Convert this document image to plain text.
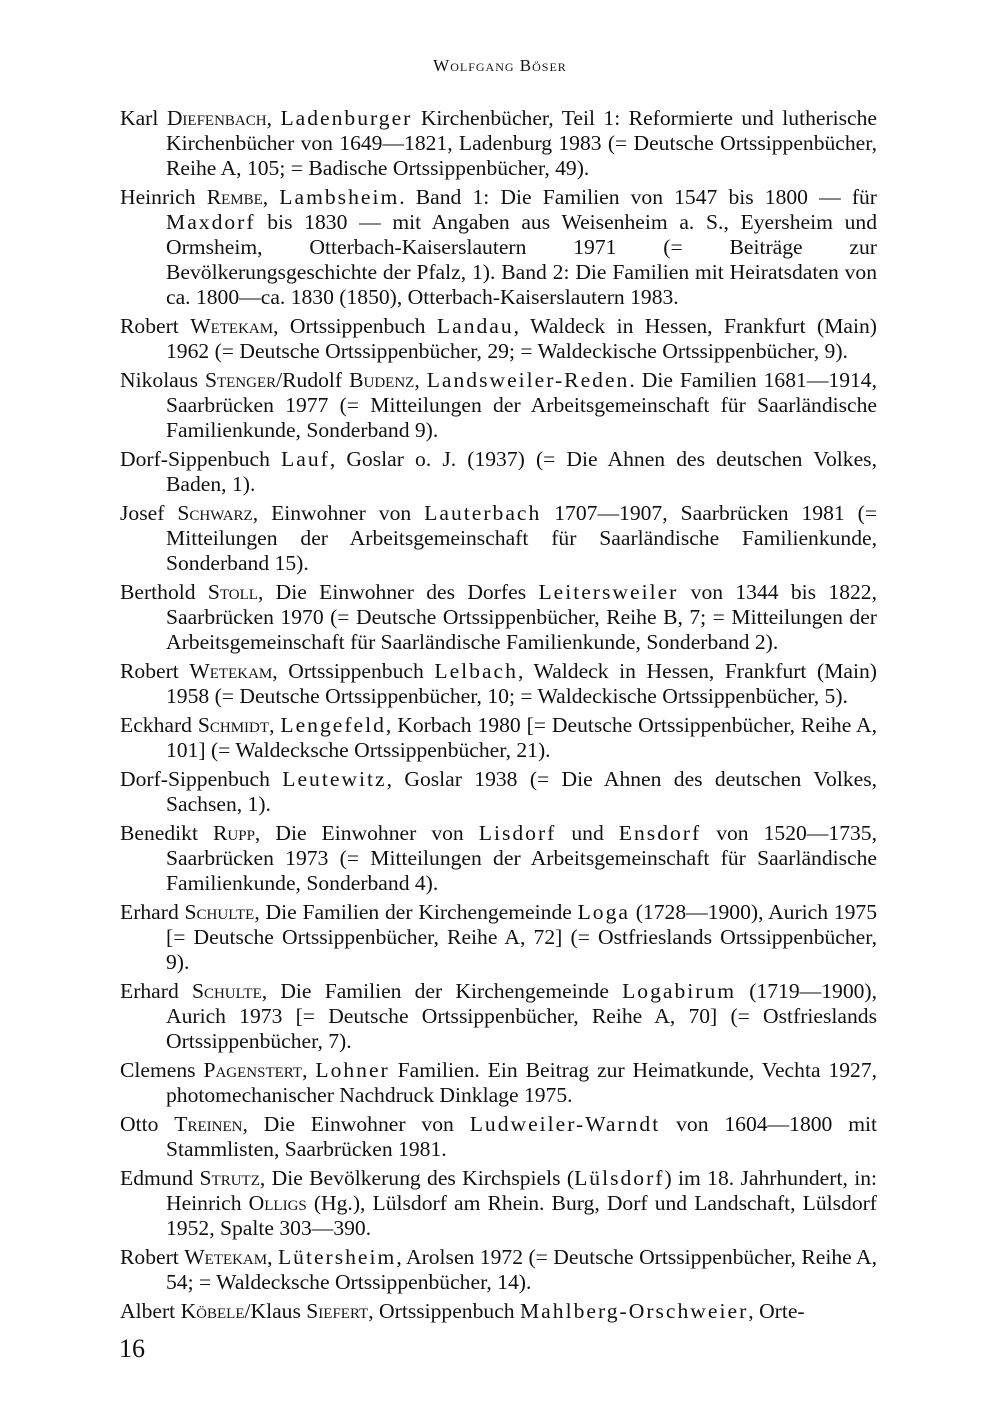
Wolfgang Böser

Karl Diefenbach, Ladenburger Kirchenbücher, Teil 1: Reformierte und lutherische Kirchenbücher von 1649—1821, Ladenburg 1983 (= Deutsche Ortssippenbücher, Reihe A, 105; = Badische Ortssippenbücher, 49).

Heinrich Rembe, Lambsheim. Band 1: Die Familien von 1547 bis 1800 — für Maxdorf bis 1830 — mit Angaben aus Weisenheim a. S., Eyersheim und Ormsheim, Otterbach-Kaiserslautern 1971 (= Beiträge zur Bevölkerungsgeschichte der Pfalz, 1). Band 2: Die Familien mit Heiratsdaten von ca. 1800—ca. 1830 (1850), Otterbach-Kaiserslautern 1983.

Robert Wetekam, Ortssippenbuch Landau, Waldeck in Hessen, Frankfurt (Main) 1962 (= Deutsche Ortssippenbücher, 29; = Waldeckische Ortssippenbücher, 9).

Nikolaus Stenger/Rudolf Budenz, Landsweiler-Reden. Die Familien 1681—1914, Saarbrücken 1977 (= Mitteilungen der Arbeitsgemeinschaft für Saarländische Familienkunde, Sonderband 9).

Dorf-Sippenbuch Lauf, Goslar o. J. (1937) (= Die Ahnen des deutschen Volkes, Baden, 1).

Josef Schwarz, Einwohner von Lauterbach 1707—1907, Saarbrücken 1981 (= Mitteilungen der Arbeitsgemeinschaft für Saarländische Familienkunde, Sonderband 15).

Berthold Stoll, Die Einwohner des Dorfes Leitersweiler von 1344 bis 1822, Saarbrücken 1970 (= Deutsche Ortssippenbücher, Reihe B, 7; = Mitteilungen der Arbeitsgemeinschaft für Saarländische Familienkunde, Sonderband 2).

Robert Wetekam, Ortssippenbuch Lelbach, Waldeck in Hessen, Frankfurt (Main) 1958 (= Deutsche Ortssippenbücher, 10; = Waldeckische Ortssippenbücher, 5).

Eckhard Schmidt, Lengefeld, Korbach 1980 [= Deutsche Ortssippenbücher, Reihe A, 101] (= Waldecksche Ortssippenbücher, 21).

Dorf-Sippenbuch Leutewitz, Goslar 1938 (= Die Ahnen des deutschen Volkes, Sachsen, 1).

Benedikt Rupp, Die Einwohner von Lisdorf und Ensdorf von 1520—1735, Saarbrücken 1973 (= Mitteilungen der Arbeitsgemeinschaft für Saarländische Familienkunde, Sonderband 4).

Erhard Schulte, Die Familien der Kirchengemeinde Loga (1728—1900), Aurich 1975 [= Deutsche Ortssippenbücher, Reihe A, 72] (= Ostfrieslands Ortssippenbücher, 9).

Erhard Schulte, Die Familien der Kirchengemeinde Logabirum (1719—1900), Aurich 1973 [= Deutsche Ortssippenbücher, Reihe A, 70] (= Ostfrieslands Ortssippenbücher, 7).

Clemens Pagenstert, Lohner Familien. Ein Beitrag zur Heimatkunde, Vechta 1927, photomechanischer Nachdruck Dinklage 1975.

Otto Treinen, Die Einwohner von Ludweiler-Warndt von 1604—1800 mit Stammlisten, Saarbrücken 1981.

Edmund Strutz, Die Bevölkerung des Kirchspiels (Lülsdorf) im 18. Jahrhundert, in: Heinrich Olligs (Hg.), Lülsdorf am Rhein. Burg, Dorf und Landschaft, Lülsdorf 1952, Spalte 303—390.

Robert Wetekam, Lütersheim, Arolsen 1972 (= Deutsche Ortssippenbücher, Reihe A, 54; = Waldecksche Ortssippenbücher, 14).

Albert Köbele/Klaus Siefert, Ortssippenbuch Mahlberg-Orschweier, Orte-

16
